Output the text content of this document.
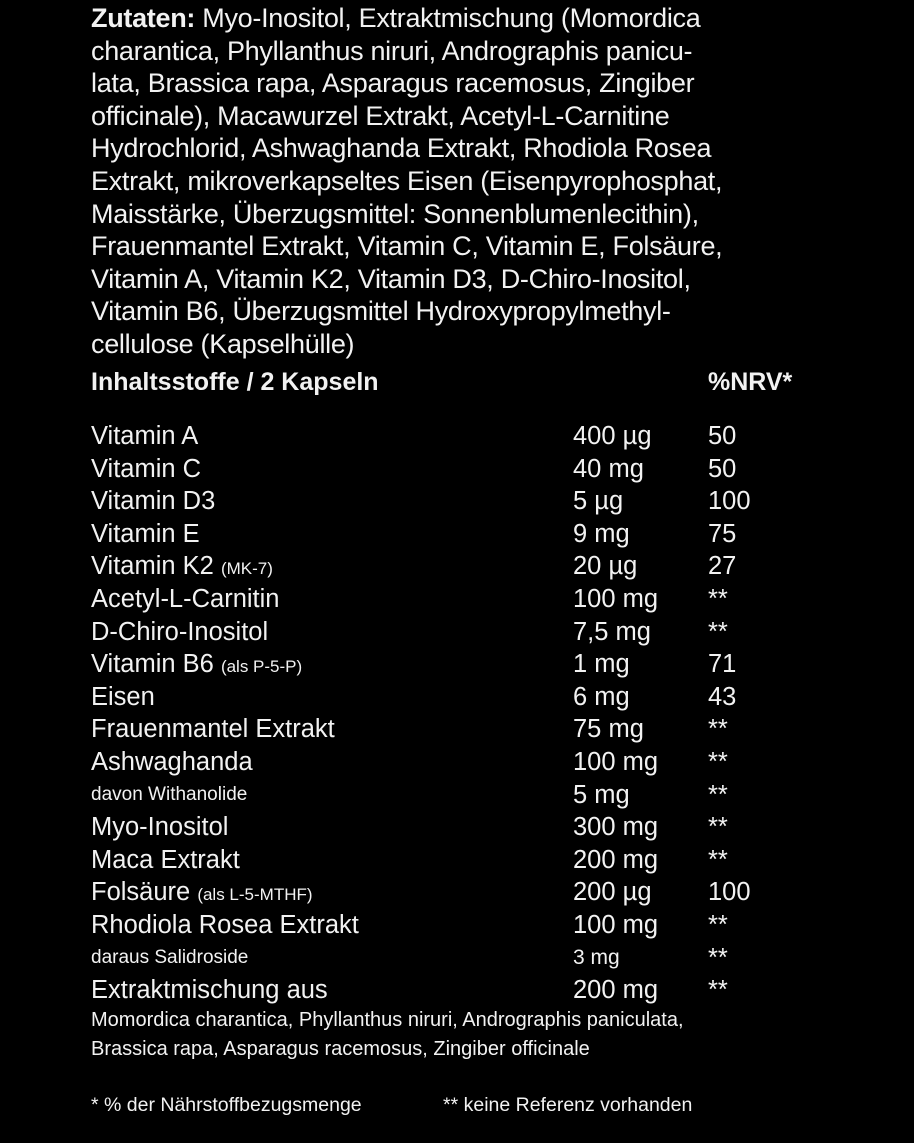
Zutaten: Myo-Inositol, Extraktmischung (Momordica
charantica, Phyllanthus niruri, Andrographis panicu-
lata, Brassica rapa, Asparagus racemosus, Zingiber
officinale), Macawurzel Extrakt, Acetyl-L-Carnitine
Hydrochlorid, Ashwaghanda Extrakt, Rhodiola Rosea
Extrakt, mikroverkapseltes Eisen (Eisenpyrophosphat,
Maisstärke, Überzugsmittel: Sonnenblumenlecithin),
Frauenmantel Extrakt, Vitamin C, Vitamin E, Folsäure,
Vitamin A, Vitamin K2, Vitamin D3, D-Chiro-Inositol,
Vitamin B6, Überzugsmittel Hydroxypropylmethyl-
cellulose (Kapselhülle)

Inhaltsstoffe / 2 Kapseln	%NRV*
Vitamin A	400 µg 50
Vitamin C	40 mg	50
Vitamin D3	5 µg	100
Vitamin E	9 mg	75
Vitamin K2 (MK-7)	20 µg	27
Acetyl-L-Carnitin	100 mg **
D-Chiro-Inositol	7,5 mg **
Vitamin B6 (als P-5-P)	1 mg	71
Eisen	6 mg	43
Frauenmantel Extrakt	75 mg	**
Ashwaghanda	100 mg **
davon Withanolide	5 mg	**
Myo-Inositol	300 mg **
Maca Extrakt	200 mg **
Folsäure (als L-5-MTHF)	200 µg 100
Rhodiola Rosea Extrakt	100 mg **
daraus Salidroside	3 mg	**
Extraktmischung aus	200 mg **
Momordica charantica, Phyllanthus niruri, Andrographis paniculata,
Brassica rapa, Asparagus racemosus, Zingiber officinale
* % der Nährstoffbezugsmenge	** keine Referenz vorhanden
